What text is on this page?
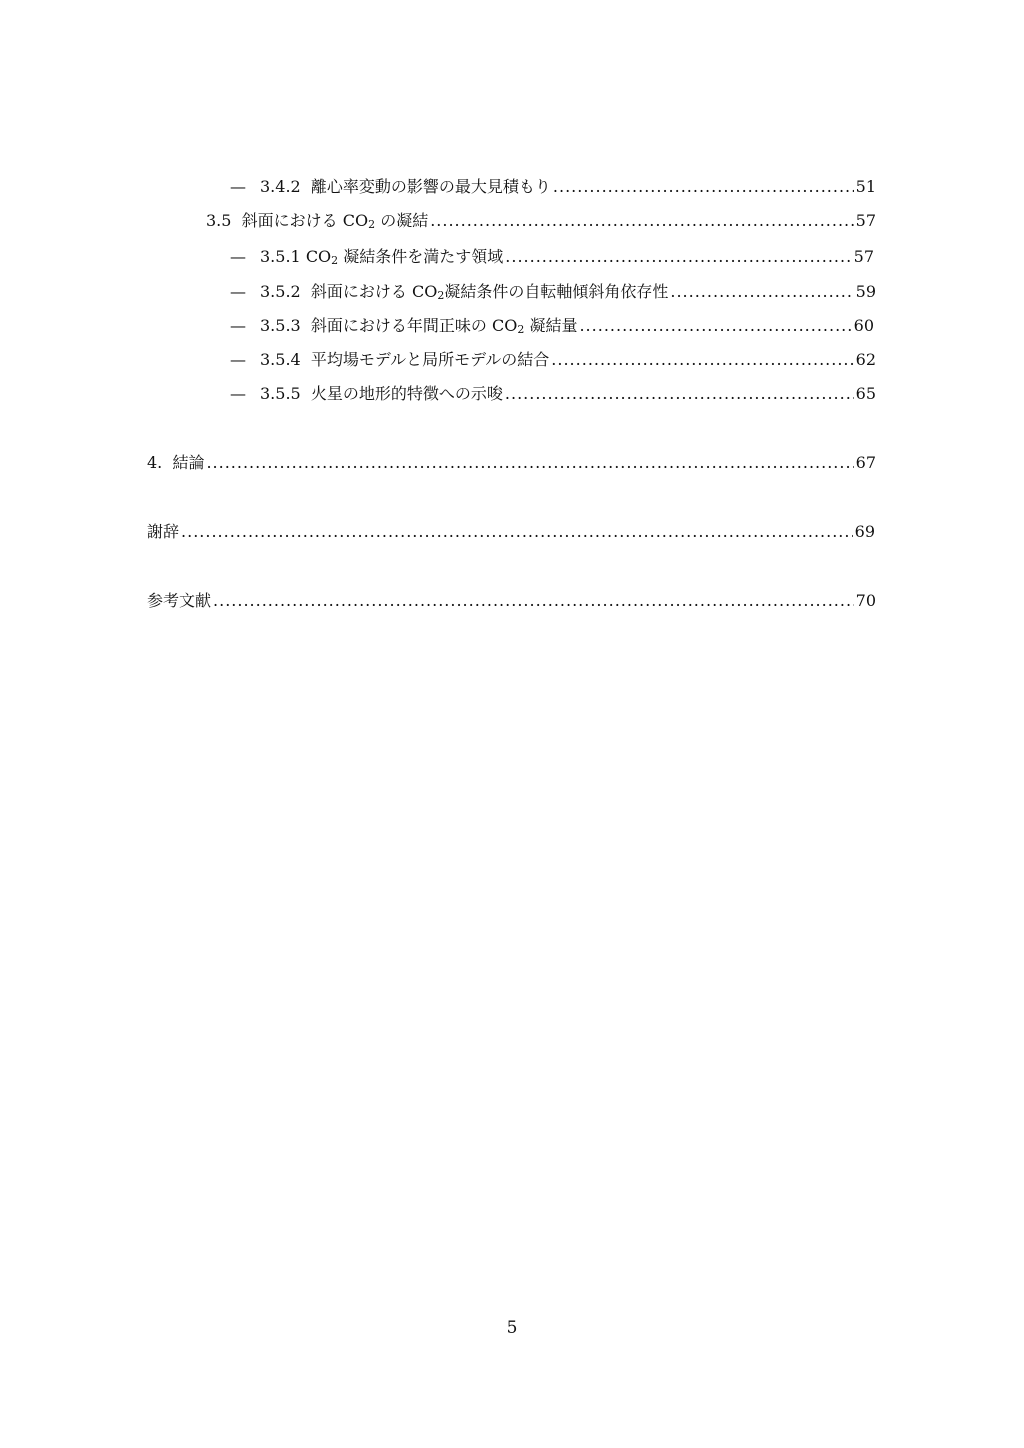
— 3.4.2 離心率変動の影響の最大見積もり .....	51
3.5 斜面における $CO_2$ の凝結 .....	57
— 3.5.1 $CO_2$ 凝結条件を満たす領域 .....	57
— 3.5.2 斜面における $CO_2$凝結条件の自転軸傾斜角依存性 .....	59
— 3.5.3 斜面における年間正味の $CO_2$ 凝結量 .....	60
— 3.5.4 平均場モデルと局所モデルの結合 .....	62
— 3.5.5 火星の地形的特徴への示唆 .....	65
4. 結論 .....	67
謝辞 .....	69
参考文献 .....	70
5
